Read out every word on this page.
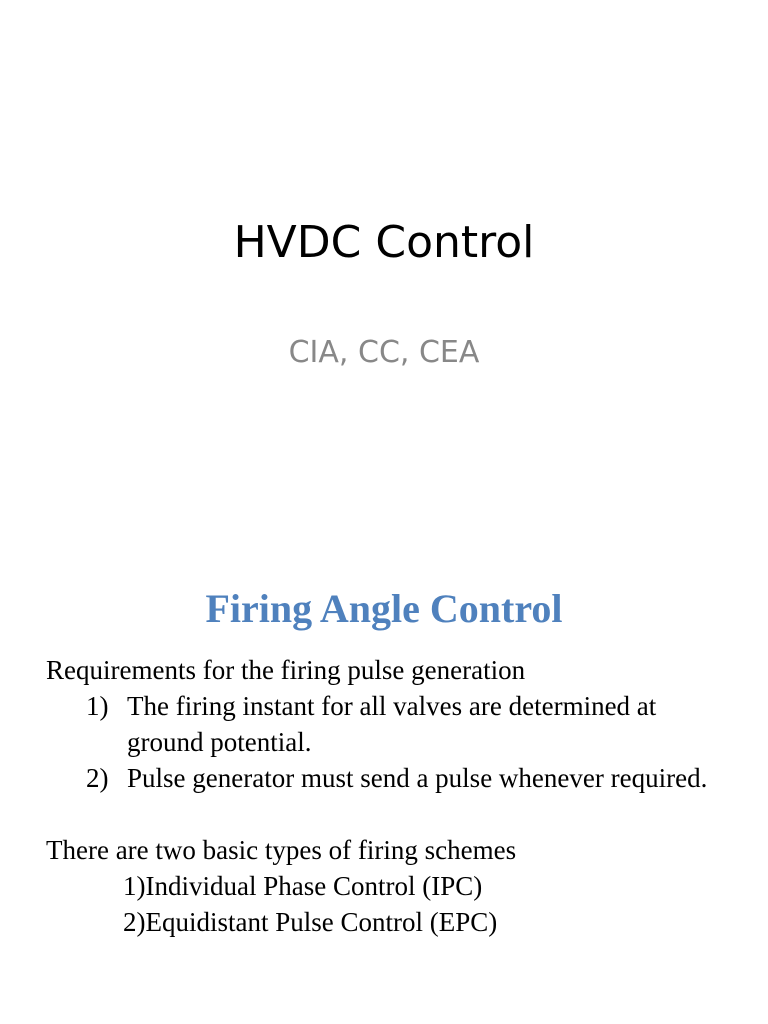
HVDC Control
CIA, CC, CEA
Firing Angle Control
Requirements for the firing pulse generation
1) The firing instant for all valves are determined at ground potential.
2) Pulse generator must send a pulse whenever required.
There are two basic types of firing schemes
1)Individual Phase Control (IPC)
2)Equidistant Pulse Control (EPC)
